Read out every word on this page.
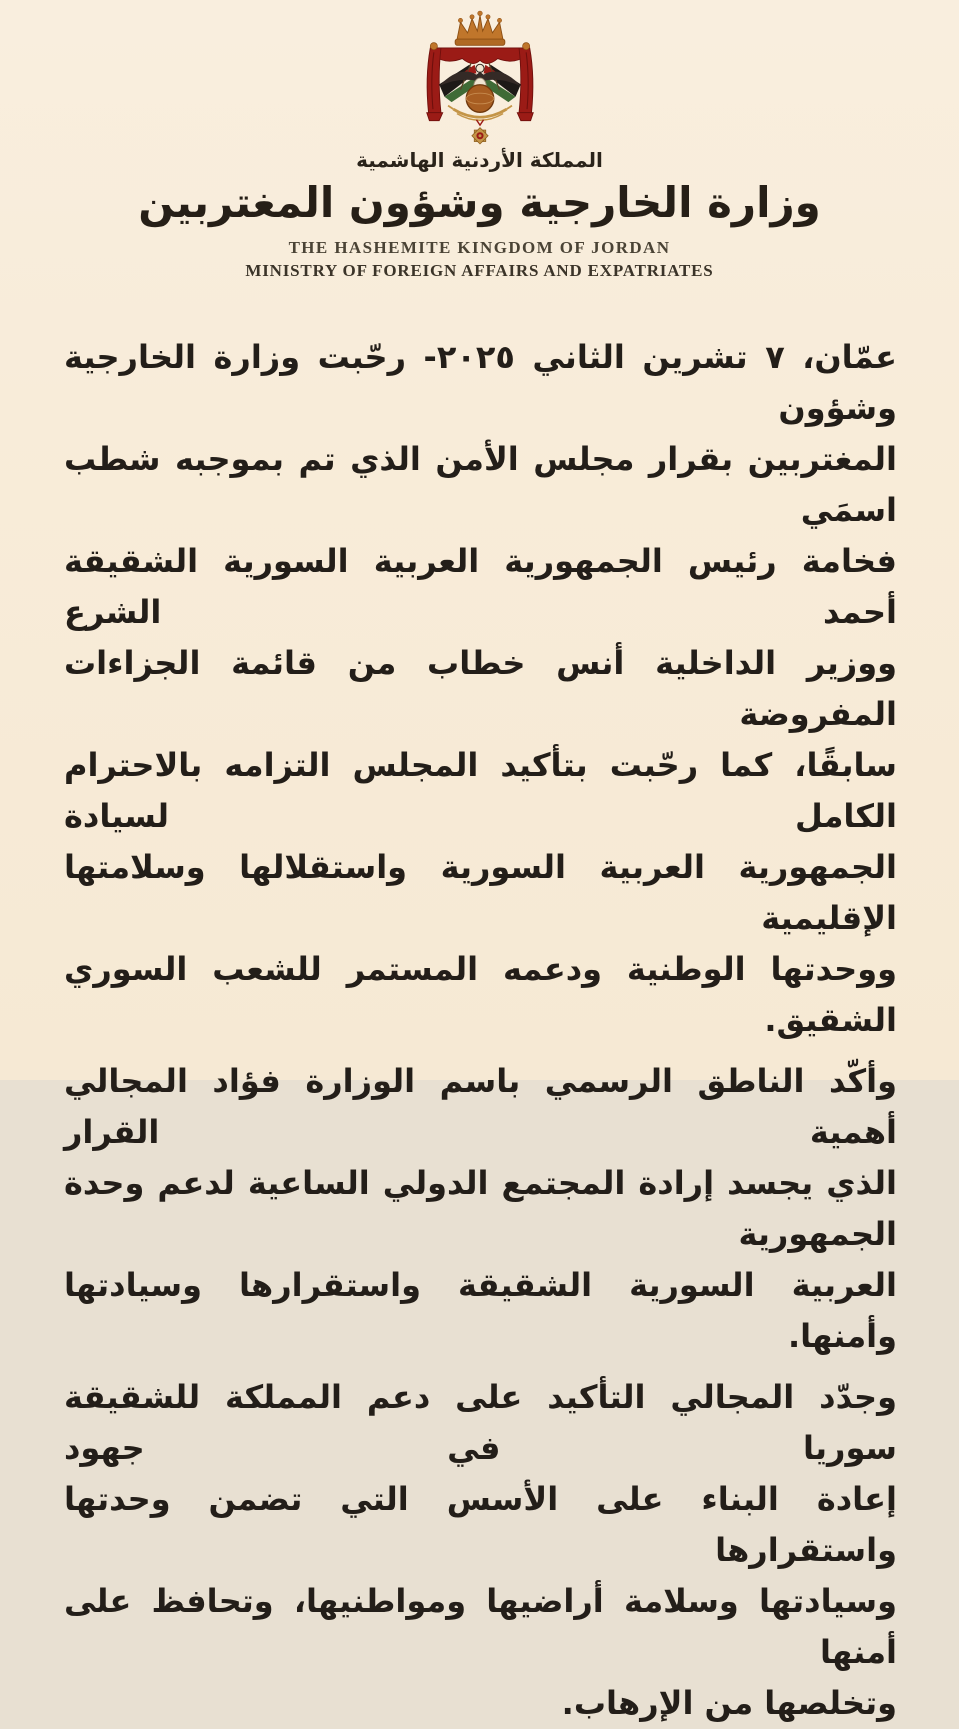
المملكة الأردنية الهاشمية
وزارة الخارجية وشؤون المغتربين
THE HASHEMITE KINGDOM OF JORDAN
MINISTRY OF FOREIGN AFFAIRS AND EXPATRIATES

عمّان، ٧ تشرين الثاني ٢٠٢٥- رحّبت وزارة الخارجية وشؤون
المغتربين بقرار مجلس الأمن الذي تم بموجبه شطب اسمَي
فخامة رئيس الجمهورية العربية السورية الشقيقة أحمد الشرع
ووزير الداخلية أنس خطاب من قائمة الجزاءات المفروضة
سابقًا، كما رحّبت بتأكيد المجلس التزامه بالاحترام الكامل لسيادة
الجمهورية العربية السورية واستقلالها وسلامتها الإقليمية
ووحدتها الوطنية ودعمه المستمر للشعب السوري الشقيق.

وأكّد الناطق الرسمي باسم الوزارة فؤاد المجالي أهمية القرار
الذي يجسد إرادة المجتمع الدولي الساعية لدعم وحدة الجمهورية
العربية السورية الشقيقة واستقرارها وسيادتها وأمنها.

وجدّد المجالي التأكيد على دعم المملكة للشقيقة سوريا في جهود
إعادة البناء على الأسس التي تضمن وحدتها واستقرارها
وسيادتها وسلامة أراضيها ومواطنيها، وتحافظ على أمنها
وتخلصها من الإرهاب.
